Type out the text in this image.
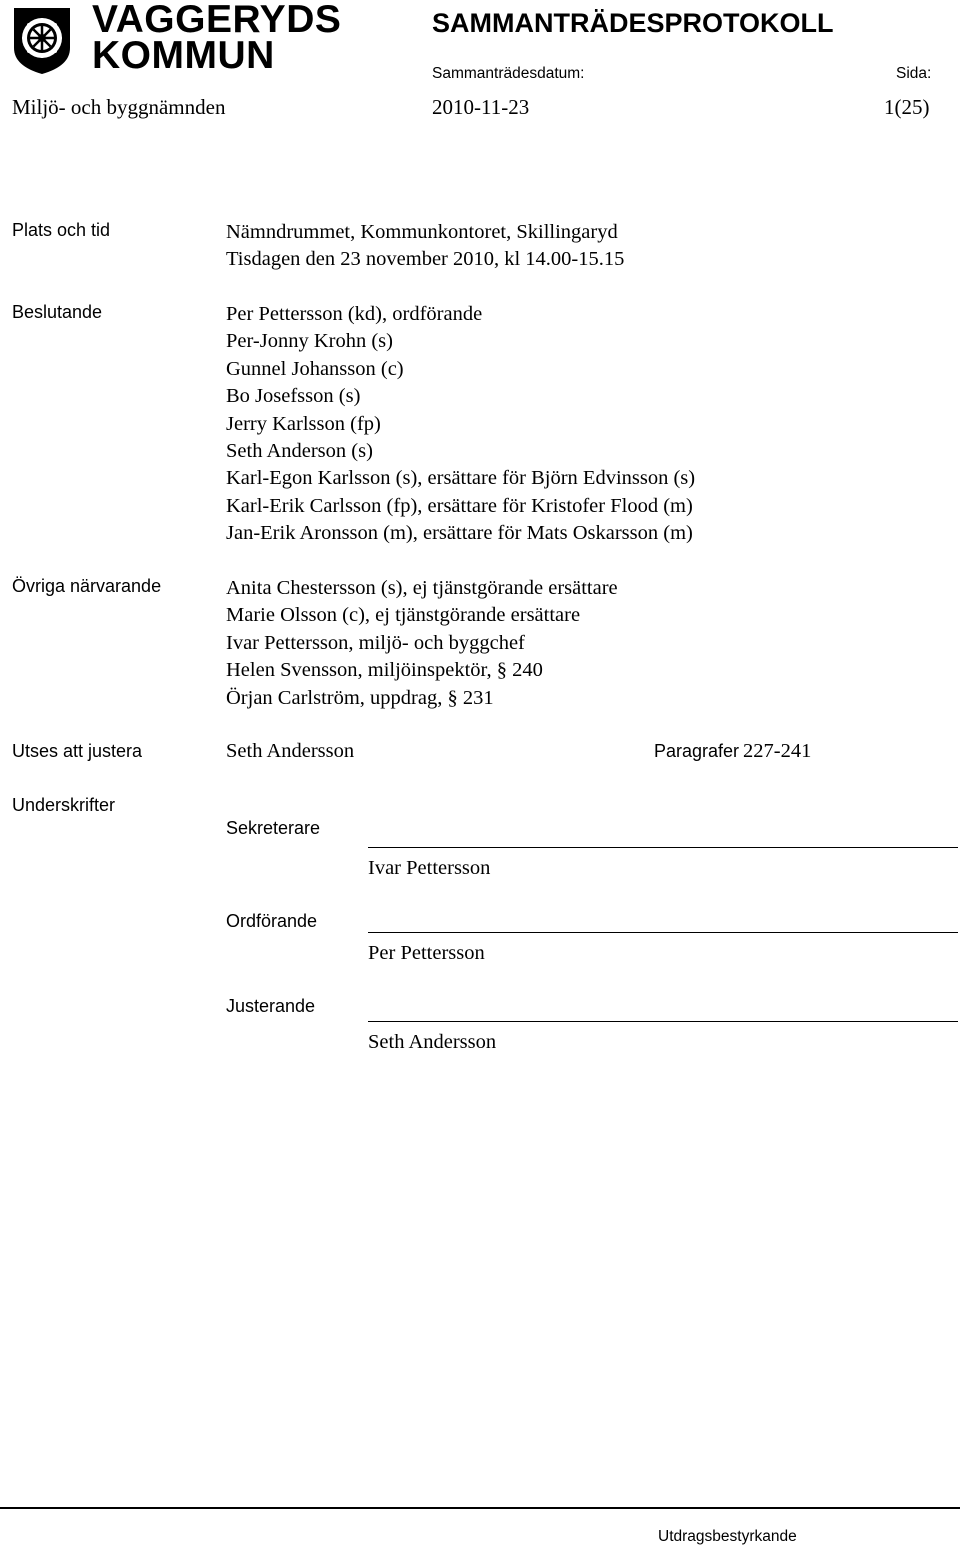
VAGGERYDS
KOMMUN
SAMMANTRÄDESPROTOKOLL
Sammanträdesdatum:	Sida:
Miljö- och byggnämnden	2010-11-23	1(25)
Plats och tid	Nämndrummet, Kommunkontoret, Skillingaryd
Tisdagen den 23 november 2010, kl 14.00-15.15
Beslutande	Per Pettersson (kd), ordförande
Per-Jonny Krohn (s)
Gunnel Johansson (c)
Bo Josefsson (s)
Jerry Karlsson (fp)
Seth Anderson (s)
Karl-Egon Karlsson (s), ersättare för Björn Edvinsson (s)
Karl-Erik Carlsson (fp), ersättare för Kristofer Flood (m)
Jan-Erik Aronsson (m), ersättare för Mats Oskarsson (m)
Övriga närvarande	Anita Chestersson (s), ej tjänstgörande ersättare
Marie Olsson (c), ej tjänstgörande ersättare
Ivar Pettersson, miljö- och byggchef
Helen Svensson, miljöinspektör, § 240
Örjan Carlström, uppdrag, § 231
Utses att justera	Seth Andersson	Paragrafer 227-241
Underskrifter
Sekreterare
Ivar Pettersson
Ordförande
Per Pettersson
Justerande
Seth Andersson
Utdragsbestyrkande
